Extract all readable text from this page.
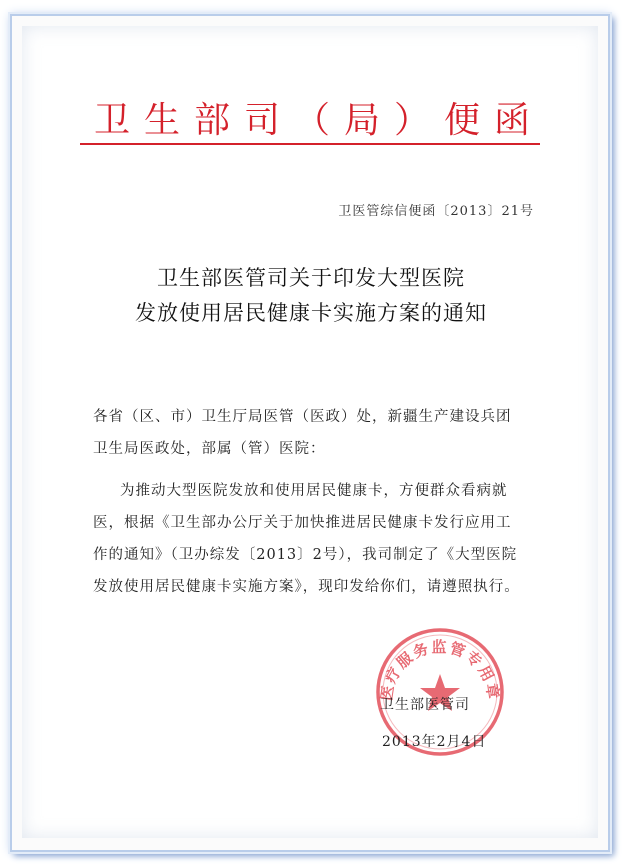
卫生部司（局）便函
卫医管综信便函〔2013〕21号
卫生部医管司关于印发大型医院
发放使用居民健康卡实施方案的通知
各省（区、市）卫生厅局医管（医政）处，新疆生产建设兵团
卫生局医政处，部属（管）医院：
为推动大型医院发放和使用居民健康卡，方便群众看病就
医，根据《卫生部办公厅关于加快推进居民健康卡发行应用工
作的通知》（卫办综发〔2013〕2号），我司制定了《大型医院
发放使用居民健康卡实施方案》，现印发给你们，请遵照执行。
医疗服务监管专用章
卫生部医管司
2013年2月4日
